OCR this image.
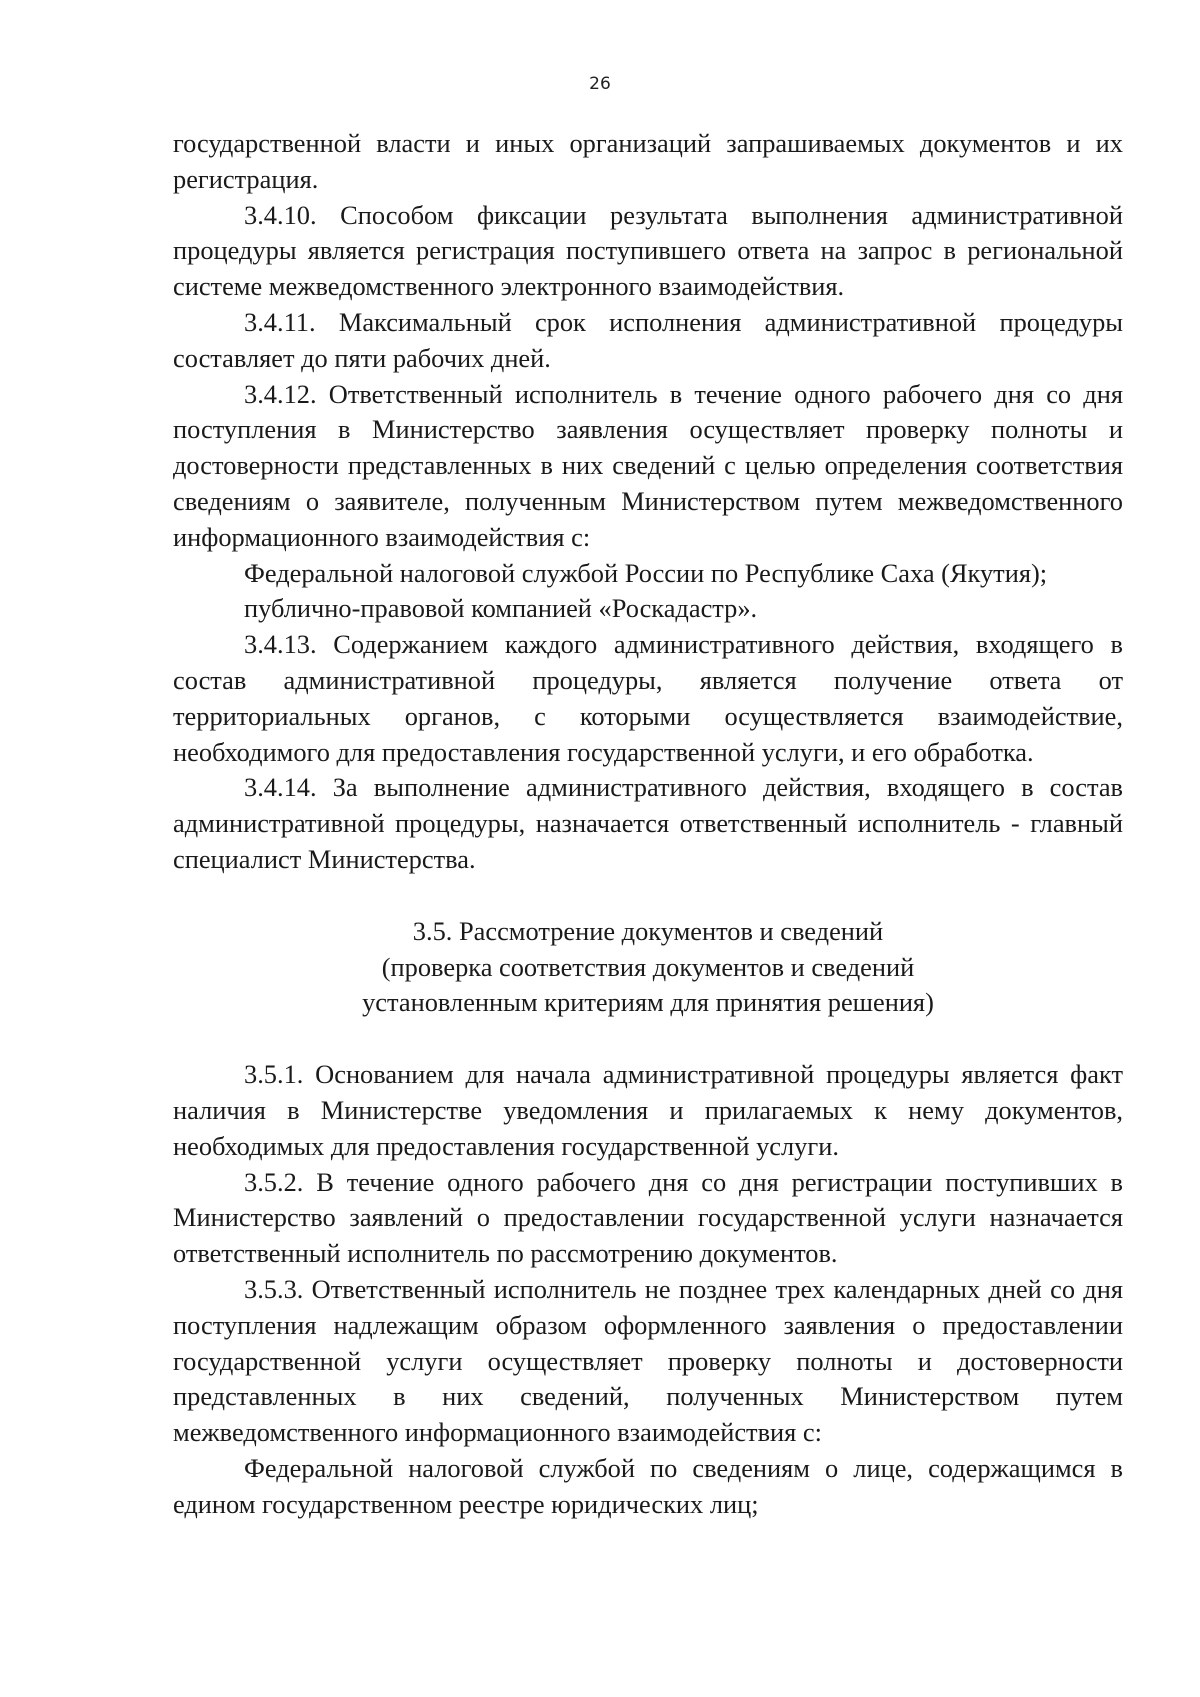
26

государственной власти и иных организаций запрашиваемых документов и их регистрация.

3.4.10. Способом фиксации результата выполнения административной процедуры является регистрация поступившего ответа на запрос в региональной системе межведомственного электронного взаимодействия.

3.4.11. Максимальный срок исполнения административной процедуры составляет до пяти рабочих дней.

3.4.12. Ответственный исполнитель в течение одного рабочего дня со дня поступления в Министерство заявления осуществляет проверку полноты и достоверности представленных в них сведений с целью определения соответствия сведениям о заявителе, полученным Министерством путем межведомственного информационного взаимодействия с:

Федеральной налоговой службой России по Республике Саха (Якутия);

публично-правовой компанией «Роскадастр».

3.4.13. Содержанием каждого административного действия, входящего в состав административной процедуры, является получение ответа от территориальных органов, с которыми осуществляется взаимодействие, необходимого для предоставления государственной услуги, и его обработка.

3.4.14. За выполнение административного действия, входящего в состав административной процедуры, назначается ответственный исполнитель - главный специалист Министерства.

3.5. Рассмотрение документов и сведений
(проверка соответствия документов и сведений
установленным критериям для принятия решения)

3.5.1. Основанием для начала административной процедуры является факт наличия в Министерстве уведомления и прилагаемых к нему документов, необходимых для предоставления государственной услуги.

3.5.2. В течение одного рабочего дня со дня регистрации поступивших в Министерство заявлений о предоставлении государственной услуги назначается ответственный исполнитель по рассмотрению документов.

3.5.3. Ответственный исполнитель не позднее трех календарных дней со дня поступления надлежащим образом оформленного заявления о предоставлении государственной услуги осуществляет проверку полноты и достоверности представленных в них сведений, полученных Министерством путем межведомственного информационного взаимодействия с:

Федеральной налоговой службой по сведениям о лице, содержащимся в едином государственном реестре юридических лиц;
